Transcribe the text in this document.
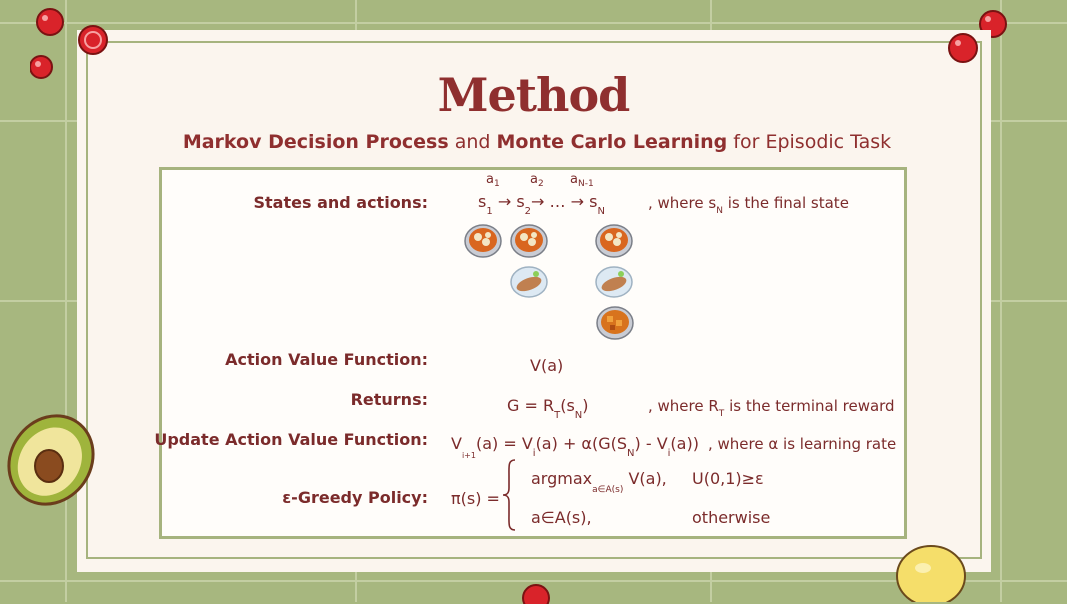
Method
Markov Decision Process and Monte Carlo Learning for Episodic Task
States and actions:
$a_1$ $a_2$ $a_{N-1}$
$s_1 \to s_2\to$ … → $s_N$	, where $s_N$ is the final state
Action Value Function:	V(a)
Returns:	$G = R_T(s_N)$	, where $R_T$ is the terminal reward
Update Action Value Function: $V_{i+1}(a) = V_i(a) + \alpha(G(S_N) - V_i(a))$ , where α is learning rate
ε-Greedy Policy: π(s) =
argmax$_{a\in A(s)}$ V(a), U(0,1)≥ε
a∈A(s),	otherwise
